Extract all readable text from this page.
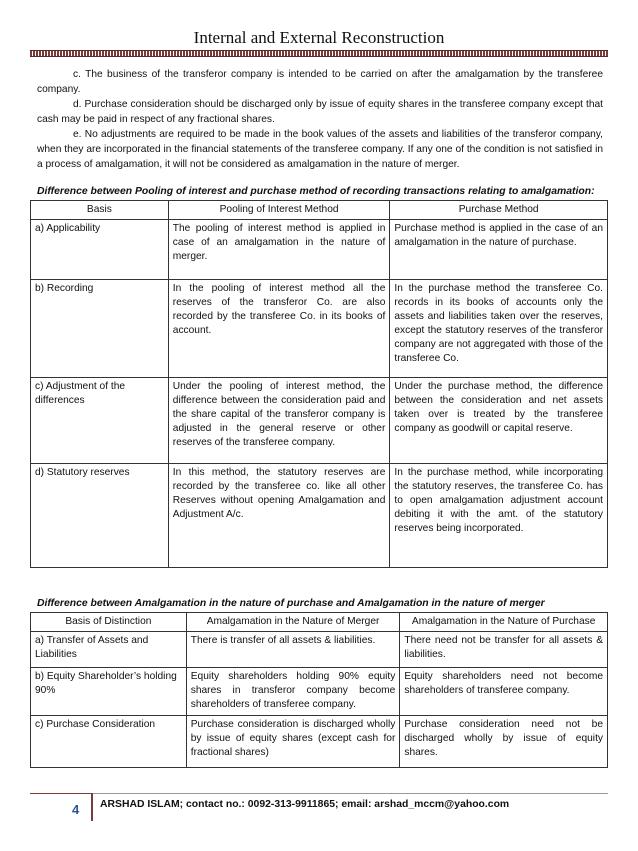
Internal and External Reconstruction

c. The business of the transferor company is intended to be carried on after the amalgamation by the transferee company.

d. Purchase consideration should be discharged only by issue of equity shares in the transferee company except that cash may be paid in respect of any fractional shares.

e. No adjustments are required to be made in the book values of the assets and liabilities of the transferor company, when they are incorporated in the financial statements of the transferee company. If any one of the condition is not satisfied in a process of amalgamation, it will not be considered as amalgamation in the nature of merger.

Difference between Pooling of interest and purchase method of recording transactions relating to amalgamation:
Basis	Pooling of Interest Method	Purchase Method
a) Applicability	The pooling of interest method is applied in case of an amalgamation in the nature of merger.	Purchase method is applied in the case of an amalgamation in the nature of purchase.
b) Recording	In the pooling of interest method all the reserves of the transferor Co. are also recorded by the transferee Co. in its books of account.	In the purchase method the transferee Co. records in its books of accounts only the assets and liabilities taken over the reserves, except the statutory reserves of the transferor company are not aggregated with those of the transferee Co.
c) Adjustment of the differences	Under the pooling of interest method, the difference between the consideration paid and the share capital of the transferor company is adjusted in the general reserve or other reserves of the transferee company.	Under the purchase method, the difference between the consideration and net assets taken over is treated by the transferee company as goodwill or capital reserve.
d) Statutory reserves	In this method, the statutory reserves are recorded by the transferee co. like all other Reserves without opening Amalgamation and Adjustment A/c.	In the purchase method, while incorporating the statutory reserves, the transferee Co. has to open amalgamation adjustment account debiting it with the amt. of the statutory reserves being incorporated.
Difference between Amalgamation in the nature of purchase and Amalgamation in the nature of merger
Basis of Distinction	Amalgamation in the Nature of Merger	Amalgamation in the Nature of Purchase
a) Transfer of Assets and Liabilities	There is transfer of all assets & liabilities.	There need not be transfer for all assets & liabilities.
b) Equity Shareholder’s holding 90%	Equity shareholders holding 90% equity shares in transferor company become shareholders of transferee company.	Equity shareholders need not become shareholders of transferee company.
c) Purchase Consideration	Purchase consideration is discharged wholly by issue of equity shares (except cash for fractional shares)	Purchase consideration need not be discharged wholly by issue of equity shares.
4 ARSHAD ISLAM; contact no.: 0092-313-9911865; email: arshad_mccm@yahoo.com
